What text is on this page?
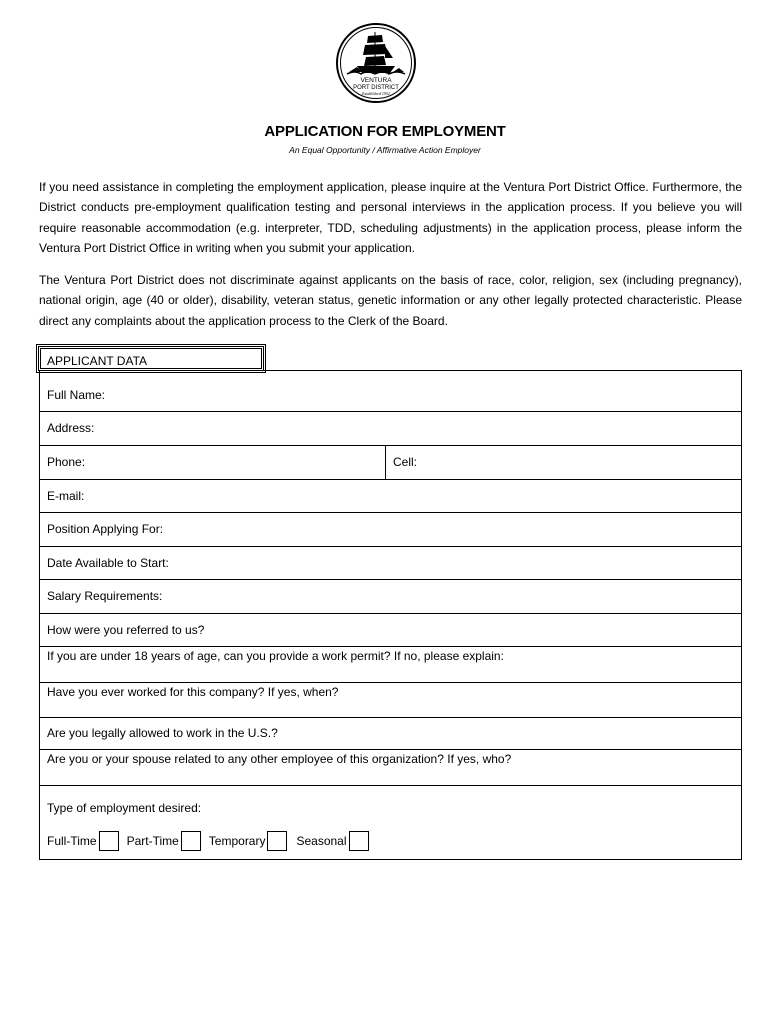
VENTURA
PORT DISTRICT
Established 1952
APPLICATION FOR EMPLOYMENT
An Equal Opportunity / Affirmative Action Employer

If you need assistance in completing the employment application, please inquire at the Ventura Port District Office. Furthermore, the District conducts pre-employment qualification testing and personal interviews in the application process. If you believe you will require reasonable accommodation (e.g. interpreter, TDD, scheduling adjustments) in the application process, please inform the Ventura Port District Office in writing when you submit your application.

The Ventura Port District does not discriminate against applicants on the basis of race, color, religion, sex (including pregnancy), national origin, age (40 or older), disability, veteran status, genetic information or any other legally protected characteristic. Please direct any complaints about the application process to the Clerk of the Board.

APPLICANT DATA
Full Name:
Address:
Phone:	Cell:
E-mail:
Position Applying For:
Date Available to Start:
Salary Requirements:
How were you referred to us?
If you are under 18 years of age, can you provide a work permit? If no, please explain:
Have you ever worked for this company? If yes, when?
Are you legally allowed to work in the U.S.?
Are you or your spouse related to any other employee of this organization? If yes, who?
Type of employment desired:
Full-Time	Part-Time	Temporary	Seasonal
